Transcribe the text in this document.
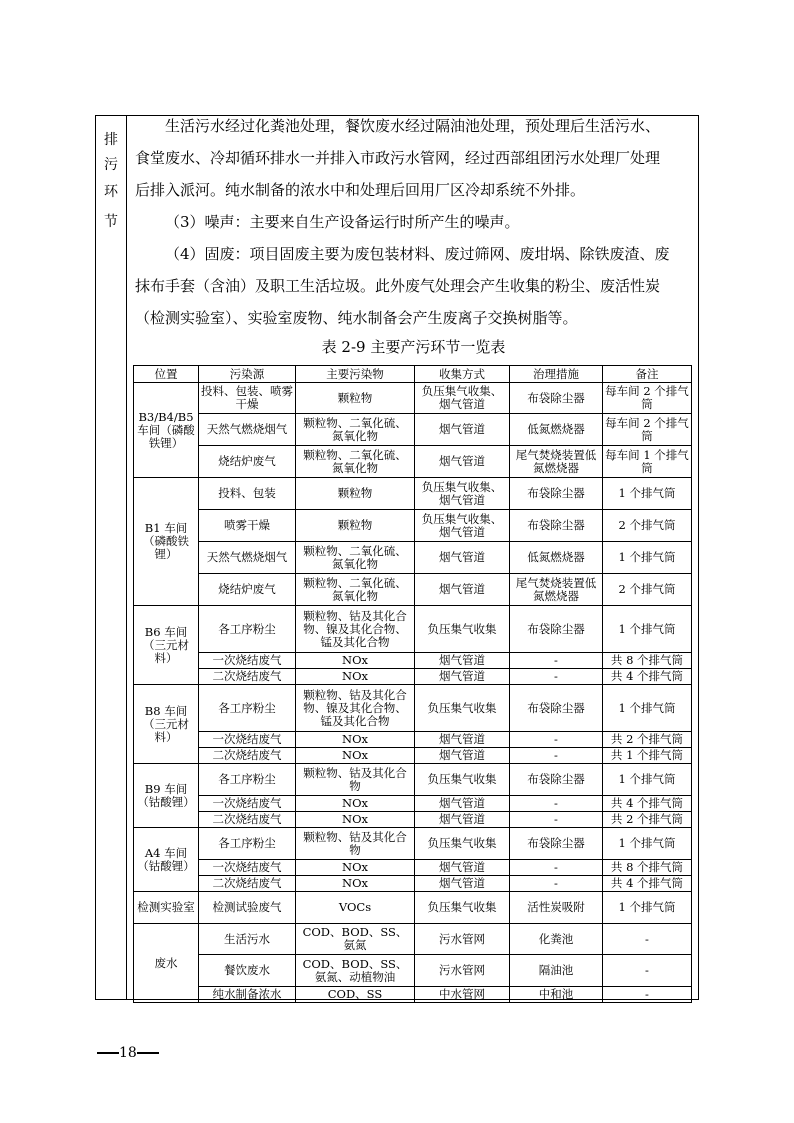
排
污
环
节
生活污水经过化粪池处理，餐饮废水经过隔油池处理，预处理后生活污水、
食堂废水、冷却循环排水一并排入市政污水管网，经过西部组团污水处理厂处理
后排入派河。纯水制备的浓水中和处理后回用厂区冷却系统不外排。
（3）噪声：主要来自生产设备运行时所产生的噪声。
（4）固废：项目固废主要为废包装材料、废过筛网、废坩埚、除铁废渣、废
抹布手套（含油）及职工生活垃圾。此外废气处理会产生收集的粉尘、废活性炭
（检测实验室）、实验室废物、纯水制备会产生废离子交换树脂等。
表 2-9 主要产污环节一览表
位置	污染源	主要污染物	收集方式	治理措施	备注
B3/B4/B5车间（磷酸铁锂）	投料、包装、喷雾干燥	颗粒物	负压集气收集、烟气管道	布袋除尘器	每车间 2 个排气筒
	天然气燃烧烟气	颗粒物、二氧化硫、氮氧化物	烟气管道	低氮燃烧器	每车间 2 个排气筒
	烧结炉废气	颗粒物、二氧化硫、氮氧化物	烟气管道	尾气焚烧装置低氮燃烧器	每车间 1 个排气筒
B1 车间（磷酸铁锂）	投料、包装	颗粒物	负压集气收集、烟气管道	布袋除尘器	1 个排气筒
	喷雾干燥	颗粒物	负压集气收集、烟气管道	布袋除尘器	2 个排气筒
	天然气燃烧烟气	颗粒物、二氧化硫、氮氧化物	烟气管道	低氮燃烧器	1 个排气筒
	烧结炉废气	颗粒物、二氧化硫、氮氧化物	烟气管道	尾气焚烧装置低氮燃烧器	2 个排气筒
B6 车间（三元材料）	各工序粉尘	颗粒物、钴及其化合物、镍及其化合物、锰及其化合物	负压集气收集	布袋除尘器	1 个排气筒
	一次烧结废气	NOx	烟气管道	-	共 8 个排气筒
	二次烧结废气	NOx	烟气管道	-	共 4 个排气筒
B8 车间（三元材料）	各工序粉尘	颗粒物、钴及其化合物、镍及其化合物、锰及其化合物	负压集气收集	布袋除尘器	1 个排气筒
	一次烧结废气	NOx	烟气管道	-	共 2 个排气筒
	二次烧结废气	NOx	烟气管道	-	共 1 个排气筒
B9 车间（钴酸锂）	各工序粉尘	颗粒物、钴及其化合物	负压集气收集	布袋除尘器	1 个排气筒
	一次烧结废气	NOx	烟气管道	-	共 4 个排气筒
	二次烧结废气	NOx	烟气管道	-	共 2 个排气筒
A4 车间（钴酸锂）	各工序粉尘	颗粒物、钴及其化合物	负压集气收集	布袋除尘器	1 个排气筒
	一次烧结废气	NOx	烟气管道	-	共 8 个排气筒
	二次烧结废气	NOx	烟气管道	-	共 4 个排气筒
检测实验室	检测试验废气	VOCs	负压集气收集	活性炭吸附	1 个排气筒
废水	生活污水	COD、BOD、SS、氨氮	污水管网	化粪池	-
	餐饮废水	COD、BOD、SS、氨氮、动植物油	污水管网	隔油池	-
	纯水制备浓水	COD、SS	中水管网	中和池	-
18
